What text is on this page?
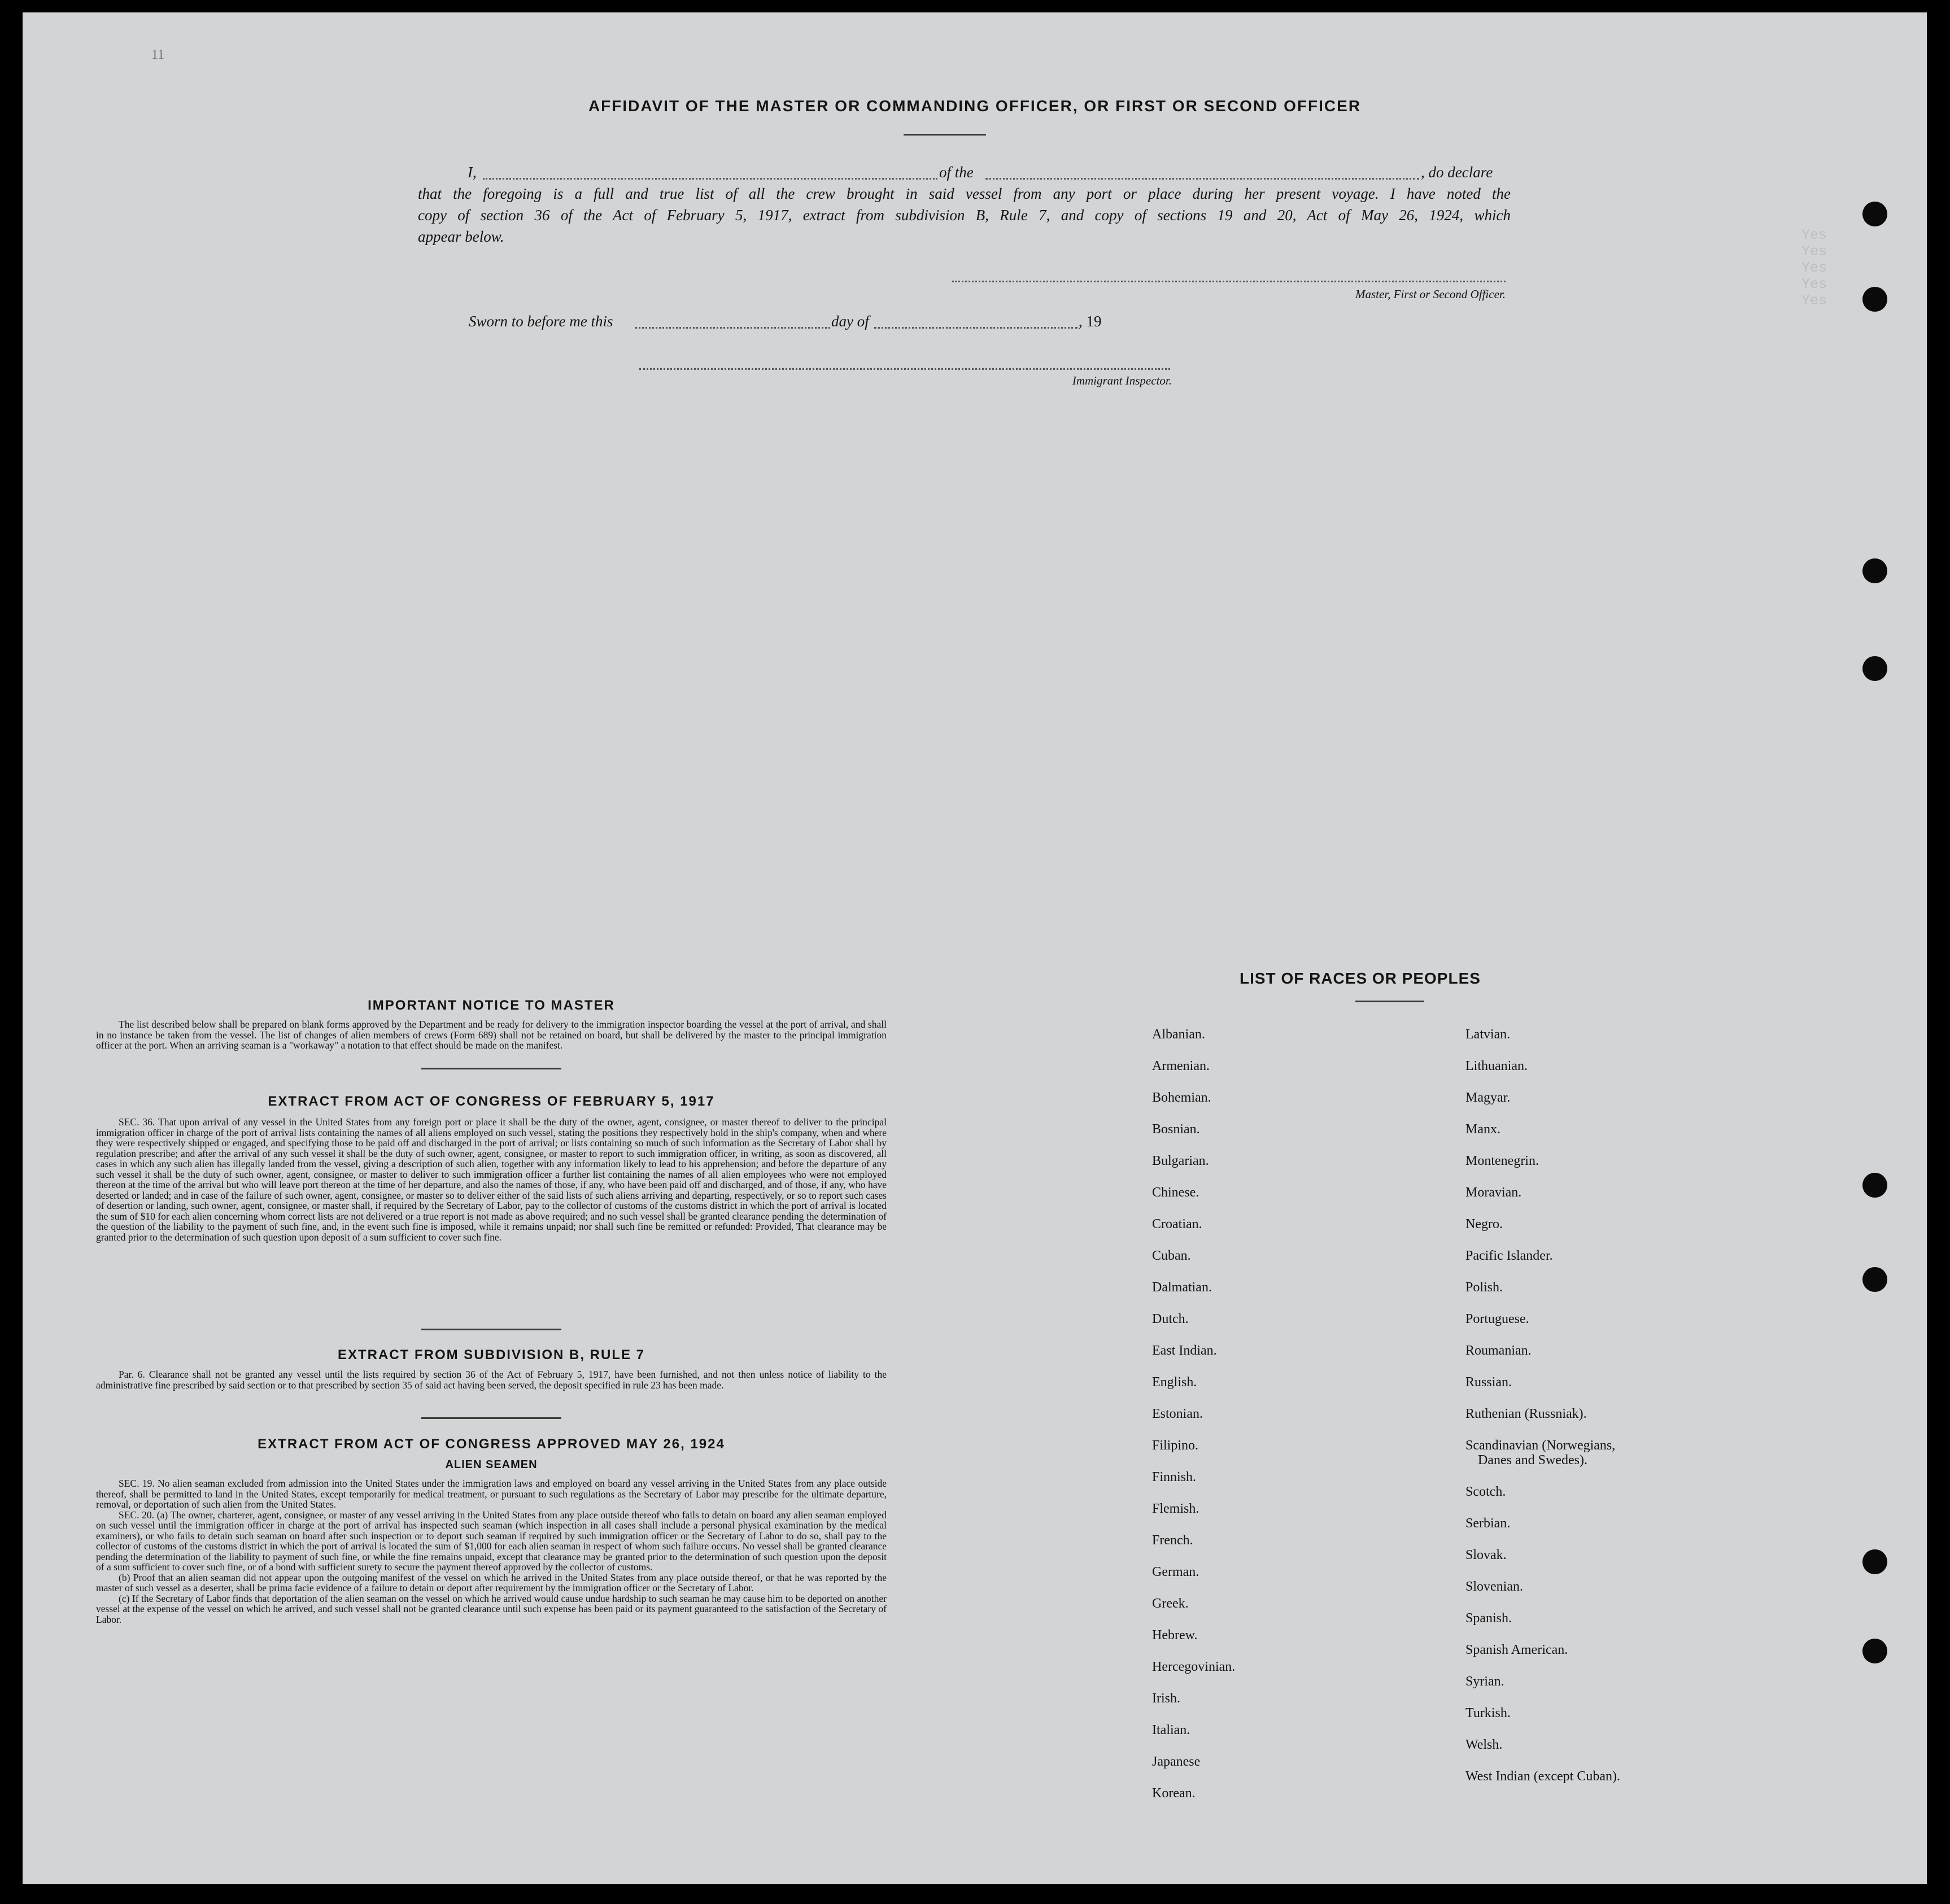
Yes
Yes
Yes
Yes
Yes
11
AFFIDAVIT OF THE MASTER OR COMMANDING OFFICER, OR FIRST OR SECOND OFFICER
I,	of the	, do declare
that the foregoing is a full and true list of all the crew brought in said vessel from any port or place during her present voyage. I have noted the
copy of section 36 of the Act of February 5, 1917, extract from subdivision B, Rule 7, and copy of sections 19 and 20, Act of May 26, 1924, which
appear below.
Master, First or Second Officer.
Sworn to before me this	day of	, 19
Immigrant Inspector.
IMPORTANT NOTICE TO MASTER

The list described below shall be prepared on blank forms approved by the Department and be ready for delivery to the immigration inspector boarding the vessel at the port of arrival, and shall in no instance be taken from the vessel. The list of changes of alien members of crews (Form 689) shall not be retained on board, but shall be delivered by the master to the principal immigration officer at the port. When an arriving seaman is a "workaway" a notation to that effect should be made on the manifest.

EXTRACT FROM ACT OF CONGRESS OF FEBRUARY 5, 1917

SEC. 36. That upon arrival of any vessel in the United States from any foreign port or place it shall be the duty of the owner, agent, consignee, or master thereof to deliver to the principal immigration officer in charge of the port of arrival lists containing the names of all aliens employed on such vessel, stating the positions they respectively hold in the ship's company, when and where they were respectively shipped or engaged, and specifying those to be paid off and discharged in the port of arrival; or lists containing so much of such information as the Secretary of Labor shall by regulation prescribe; and after the arrival of any such vessel it shall be the duty of such owner, agent, consignee, or master to report to such immigration officer, in writing, as soon as discovered, all cases in which any such alien has illegally landed from the vessel, giving a description of such alien, together with any information likely to lead to his apprehension; and before the departure of any such vessel it shall be the duty of such owner, agent, consignee, or master to deliver to such immigration officer a further list containing the names of all alien employees who were not employed thereon at the time of the arrival but who will leave port thereon at the time of her departure, and also the names of those, if any, who have been paid off and discharged, and of those, if any, who have deserted or landed; and in case of the failure of such owner, agent, consignee, or master so to deliver either of the said lists of such aliens arriving and departing, respectively, or so to report such cases of desertion or landing, such owner, agent, consignee, or master shall, if required by the Secretary of Labor, pay to the collector of customs of the customs district in which the port of arrival is located the sum of $10 for each alien concerning whom correct lists are not delivered or a true report is not made as above required; and no such vessel shall be granted clearance pending the determination of the question of the liability to the payment of such fine, and, in the event such fine is imposed, while it remains unpaid; nor shall such fine be remitted or refunded: Provided, That clearance may be granted prior to the determination of such question upon deposit of a sum sufficient to cover such fine.

EXTRACT FROM SUBDIVISION B, RULE 7

Par. 6. Clearance shall not be granted any vessel until the lists required by section 36 of the Act of February 5, 1917, have been furnished, and not then unless notice of liability to the administrative fine prescribed by said section or to that prescribed by section 35 of said act having been served, the deposit specified in rule 23 has been made.

EXTRACT FROM ACT OF CONGRESS APPROVED MAY 26, 1924
ALIEN SEAMEN

SEC. 19. No alien seaman excluded from admission into the United States under the immigration laws and employed on board any vessel arriving in the United States from any place outside thereof, shall be permitted to land in the United States, except temporarily for medical treatment, or pursuant to such regulations as the Secretary of Labor may prescribe for the ultimate departure, removal, or deportation of such alien from the United States.

SEC. 20. (a) The owner, charterer, agent, consignee, or master of any vessel arriving in the United States from any place outside thereof who fails to detain on board any alien seaman employed on such vessel until the immigration officer in charge at the port of arrival has inspected such seaman (which inspection in all cases shall include a personal physical examination by the medical examiners), or who fails to detain such seaman on board after such inspection or to deport such seaman if required by such immigration officer or the Secretary of Labor to do so, shall pay to the collector of customs of the customs district in which the port of arrival is located the sum of $1,000 for each alien seaman in respect of whom such failure occurs. No vessel shall be granted clearance pending the determination of the liability to payment of such fine, or while the fine remains unpaid, except that clearance may be granted prior to the determination of such question upon the deposit of a sum sufficient to cover such fine, or of a bond with sufficient surety to secure the payment thereof approved by the collector of customs.

(b) Proof that an alien seaman did not appear upon the outgoing manifest of the vessel on which he arrived in the United States from any place outside thereof, or that he was reported by the master of such vessel as a deserter, shall be prima facie evidence of a failure to detain or deport after requirement by the immigration officer or the Secretary of Labor.

(c) If the Secretary of Labor finds that deportation of the alien seaman on the vessel on which he arrived would cause undue hardship to such seaman he may cause him to be deported on another vessel at the expense of the vessel on which he arrived, and such vessel shall not be granted clearance until such expense has been paid or its payment guaranteed to the satisfaction of the Secretary of Labor.

LIST OF RACES OR PEOPLES
Albanian.
Armenian.
Bohemian.
Bosnian.
Bulgarian.
Chinese.
Croatian.
Cuban.
Dalmatian.
Dutch.
East Indian.
English.
Estonian.
Filipino.
Finnish.
Flemish.
French.
German.
Greek.
Hebrew.
Hercegovinian.
Irish.
Italian.
Japanese
Korean.
Latvian.
Lithuanian.
Magyar.
Manx.
Montenegrin.
Moravian.
Negro.
Pacific Islander.
Polish.
Portuguese.
Roumanian.
Russian.
Ruthenian (Russniak).
Scandinavian (Norwegians,
Danes and Swedes).
Scotch.
Serbian.
Slovak.
Slovenian.
Spanish.
Spanish American.
Syrian.
Turkish.
Welsh.
West Indian (except Cuban).
